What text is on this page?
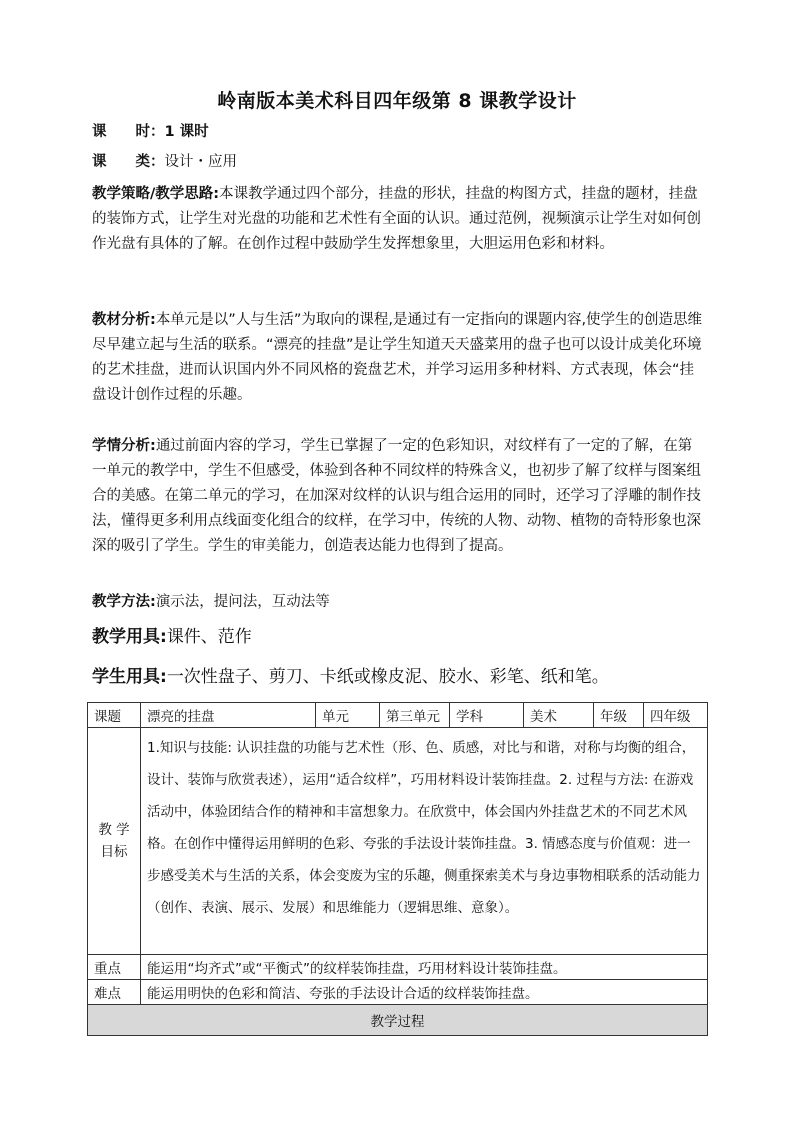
岭南版本美术科目四年级第 8 课教学设计

课　　时：1 课时

课　　类：设计・应用

教学策略/教学思路:本课教学通过四个部分，挂盘的形状，挂盘的构图方式，挂盘的题材，挂盘的装饰方式，让学生对光盘的功能和艺术性有全面的认识。通过范例，视频演示让学生对如何创作光盘有具体的了解。在创作过程中鼓励学生发挥想象里，大胆运用色彩和材料。

教材分析:本单元是以”人与生活”为取向的课程,是通过有一定指向的课题内容,使学生的创造思维尽早建立起与生活的联系。“漂亮的挂盘”是让学生知道天天盛菜用的盘子也可以设计成美化环境的艺术挂盘，进而认识国内外不同风格的瓷盘艺术，并学习运用多种材料、方式表现，体会“挂盘设计创作过程的乐趣。

学情分析:通过前面内容的学习，学生已掌握了一定的色彩知识，对纹样有了一定的了解，在第一单元的教学中，学生不但感受，体验到各种不同纹样的特殊含义，也初步了解了纹样与图案组合的美感。在第二单元的学习，在加深对纹样的认识与组合运用的同时，还学习了浮雕的制作技法，懂得更多利用点线面变化组合的纹样，在学习中，传统的人物、动物、植物的奇特形象也深深的吸引了学生。学生的审美能力，创造表达能力也得到了提高。

教学方法:演示法，提问法，互动法等

教学用具:课件、范作

学生用具:一次性盘子、剪刀、卡纸或橡皮泥、胶水、彩笔、纸和笔。

课题	漂亮的挂盘	单元	第三单元	学科	美术	年级	四年级
教 学 目标	1.知识与技能: 认识挂盘的功能与艺术性（形、色、质感，对比与和谐，对称与均衡的组合，设计、装饰与欣赏表述），运用“适合纹样”，巧用材料设计装饰挂盘。2. 过程与方法: 在游戏活动中，体验团结合作的精神和丰富想象力。在欣赏中，体会国内外挂盘艺术的不同艺术风格。在创作中懂得运用鲜明的色彩、夸张的手法设计装饰挂盘。3. 情感态度与价值观：进一步感受美术与生活的关系，体会变废为宝的乐趣，侧重探索美术与身边事物相联系的活动能力（创作、表演、展示、发展）和思维能力（逻辑思维、意象）。						
重点	能运用“均齐式”或“平衡式”的纹样装饰挂盘，巧用材料设计装饰挂盘。						
难点	能运用明快的色彩和简洁、夸张的手法设计合适的纹样装饰挂盘。						
教学过程							
